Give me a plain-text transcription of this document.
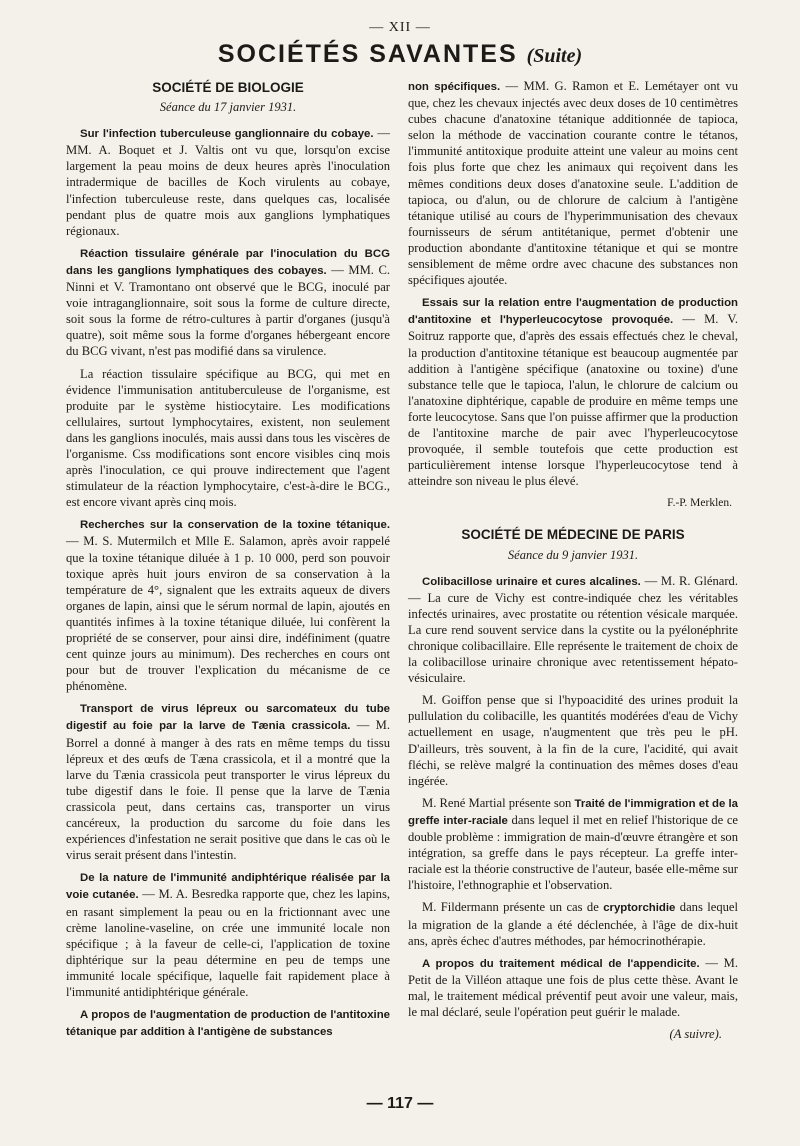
— XII —
SOCIÉTÉS SAVANTES (Suite)
SOCIÉTÉ DE BIOLOGIE
Séance du 17 janvier 1931.

Sur l'infection tuberculeuse ganglionnaire du cobaye. — MM. A. Boquet et J. Valtis ont vu que, lorsqu'on excise largement la peau moins de deux heures après l'inoculation intradermique de bacilles de Koch virulents au cobaye, l'infection tuberculeuse reste, dans quelques cas, localisée pendant plus de quatre mois aux ganglions lymphatiques régionaux.

Réaction tissulaire générale par l'inoculation du BCG dans les ganglions lymphatiques des cobayes. — MM. C. Ninni et V. Tramontano ont observé que le BCG, inoculé par voie intraganglionnaire, soit sous la forme de culture directe, soit sous la forme de rétro-cultures à partir d'organes (jusqu'à quatre), soit même sous la forme d'organes hébergeant encore du BCG vivant, n'est pas modifié dans sa virulence.

La réaction tissulaire spécifique au BCG, qui met en évidence l'immunisation antituberculeuse de l'organisme, est produite par le système histiocytaire. Les modifications cellulaires, surtout lymphocytaires, existent, non seulement dans les ganglions inoculés, mais aussi dans tous les viscères de l'organisme. Css modifications sont encore visibles cinq mois après l'inoculation, ce qui prouve indirectement que l'agent stimulateur de la réaction lymphocytaire, c'est-à-dire le BCG., est encore vivant après cinq mois.

Recherches sur la conservation de la toxine tétanique. — M. S. Mutermilch et Mlle E. Salamon, après avoir rappelé que la toxine tétanique diluée à 1 p. 10 000, perd son pouvoir toxique après huit jours environ de sa conservation à la température de 4°, signalent que les extraits aqueux de divers organes de lapin, ainsi que le sérum normal de lapin, ajoutés en quantités infimes à la toxine tétanique diluée, lui confèrent la propriété de se conserver, pour ainsi dire, indéfiniment (quatre cent quinze jours au minimum). Des recherches en cours ont pour but de trouver l'explication du mécanisme de ce phénomène.

Transport de virus lépreux ou sarcomateux du tube digestif au foie par la larve de Tænia crassicola. — M. Borrel a donné à manger à des rats en même temps du tissu lépreux et des œufs de Tæna crassicola, et il a montré que la larve du Tænia crassicola peut transporter le virus lépreux du tube digestif dans le foie. Il pense que la larve de Tænia crassicola peut, dans certains cas, transporter un virus cancéreux, la production du sarcome du foie dans les expériences d'infestation ne serait positive que dans le cas où le virus serait présent dans l'intestin.

De la nature de l'immunité andiphtérique réalisée par la voie cutanée. — M. A. Besredka rapporte que, chez les lapins, en rasant simplement la peau ou en la frictionnant avec une crème lanoline-vaseline, on crée une immunité locale non spécifique ; à la faveur de celle-ci, l'application de toxine diphtérique sur la peau détermine en peu de temps une immunité locale spécifique, laquelle fait rapidement place à l'immunité antidiphtérique générale.

A propos de l'augmentation de production de l'antitoxine tétanique par addition à l'antigène de substances

non spécifiques. — MM. G. Ramon et E. Lemétayer ont vu que, chez les chevaux injectés avec deux doses de 10 centimètres cubes chacune d'anatoxine tétanique additionnée de tapioca, selon la méthode de vaccination courante contre le tétanos, l'immunité antitoxique produite atteint une valeur au moins cent fois plus forte que chez les animaux qui reçoivent dans les mêmes conditions deux doses d'anatoxine seule. L'addition de tapioca, ou d'alun, ou de chlorure de calcium à l'antigène tétanique utilisé au cours de l'hyperimmunisation des chevaux fournisseurs de sérum antitétanique, permet d'obtenir une production abondante d'antitoxine tétanique et qui se montre sensiblement de même ordre avec chacune des substances non spécifiques ajoutée.

Essais sur la relation entre l'augmentation de production d'antitoxine et l'hyperleucocytose provoquée. — M. V. Soitruz rapporte que, d'après des essais effectués chez le cheval, la production d'antitoxine tétanique est beaucoup augmentée par addition à l'antigène spécifique (anatoxine ou toxine) d'une substance telle que le tapioca, l'alun, le chlorure de calcium ou l'anatoxine diphtérique, capable de produire en même temps une forte leucocytose. Sans que l'on puisse affirmer que la production de l'antitoxine marche de pair avec l'hyperleucocytose provoquée, il semble toutefois que cette production est particulièrement intense lorsque l'hyperleucocytose tend à atteindre son niveau le plus élevé.

F.-P. Merklen.
SOCIÉTÉ DE MÉDECINE DE PARIS
Séance du 9 janvier 1931.

Colibacillose urinaire et cures alcalines. — M. R. Glénard. — La cure de Vichy est contre-indiquée chez les véritables infectés urinaires, avec prostatite ou rétention vésicale marquée. La cure rend souvent service dans la cystite ou la pyélonéphrite chronique colibacillaire. Elle représente le traitement de choix de la colibacillose urinaire chronique avec retentissement hépato-vésiculaire.

M. Goiffon pense que si l'hypoacidité des urines produit la pullulation du colibacille, les quantités modérées d'eau de Vichy actuellement en usage, n'augmentent que très peu le pH. D'ailleurs, très souvent, à la fin de la cure, l'acidité, qui avait fléchi, se relève malgré la continuation des mêmes doses d'eau ingérée.

M. René Martial présente son Traité de l'immigration et de la greffe inter-raciale dans lequel il met en relief l'historique de ce double problème : immigration de main-d'œuvre étrangère et son intégration, sa greffe dans le pays récepteur. La greffe inter-raciale est la théorie constructive de l'auteur, basée elle-même sur l'histoire, l'ethnographie et l'observation.

M. Fildermann présente un cas de cryptorchidie dans lequel la migration de la glande a été déclenchée, à l'âge de dix-huit ans, après échec d'autres méthodes, par hémocrinothérapie.

A propos du traitement médical de l'appendicite. — M. Petit de la Villéon attaque une fois de plus cette thèse. Avant le mal, le traitement médical préventif peut avoir une valeur, mais, le mal déclaré, seule l'opération peut guérir le malade.

(A suivre).
— 117 —
